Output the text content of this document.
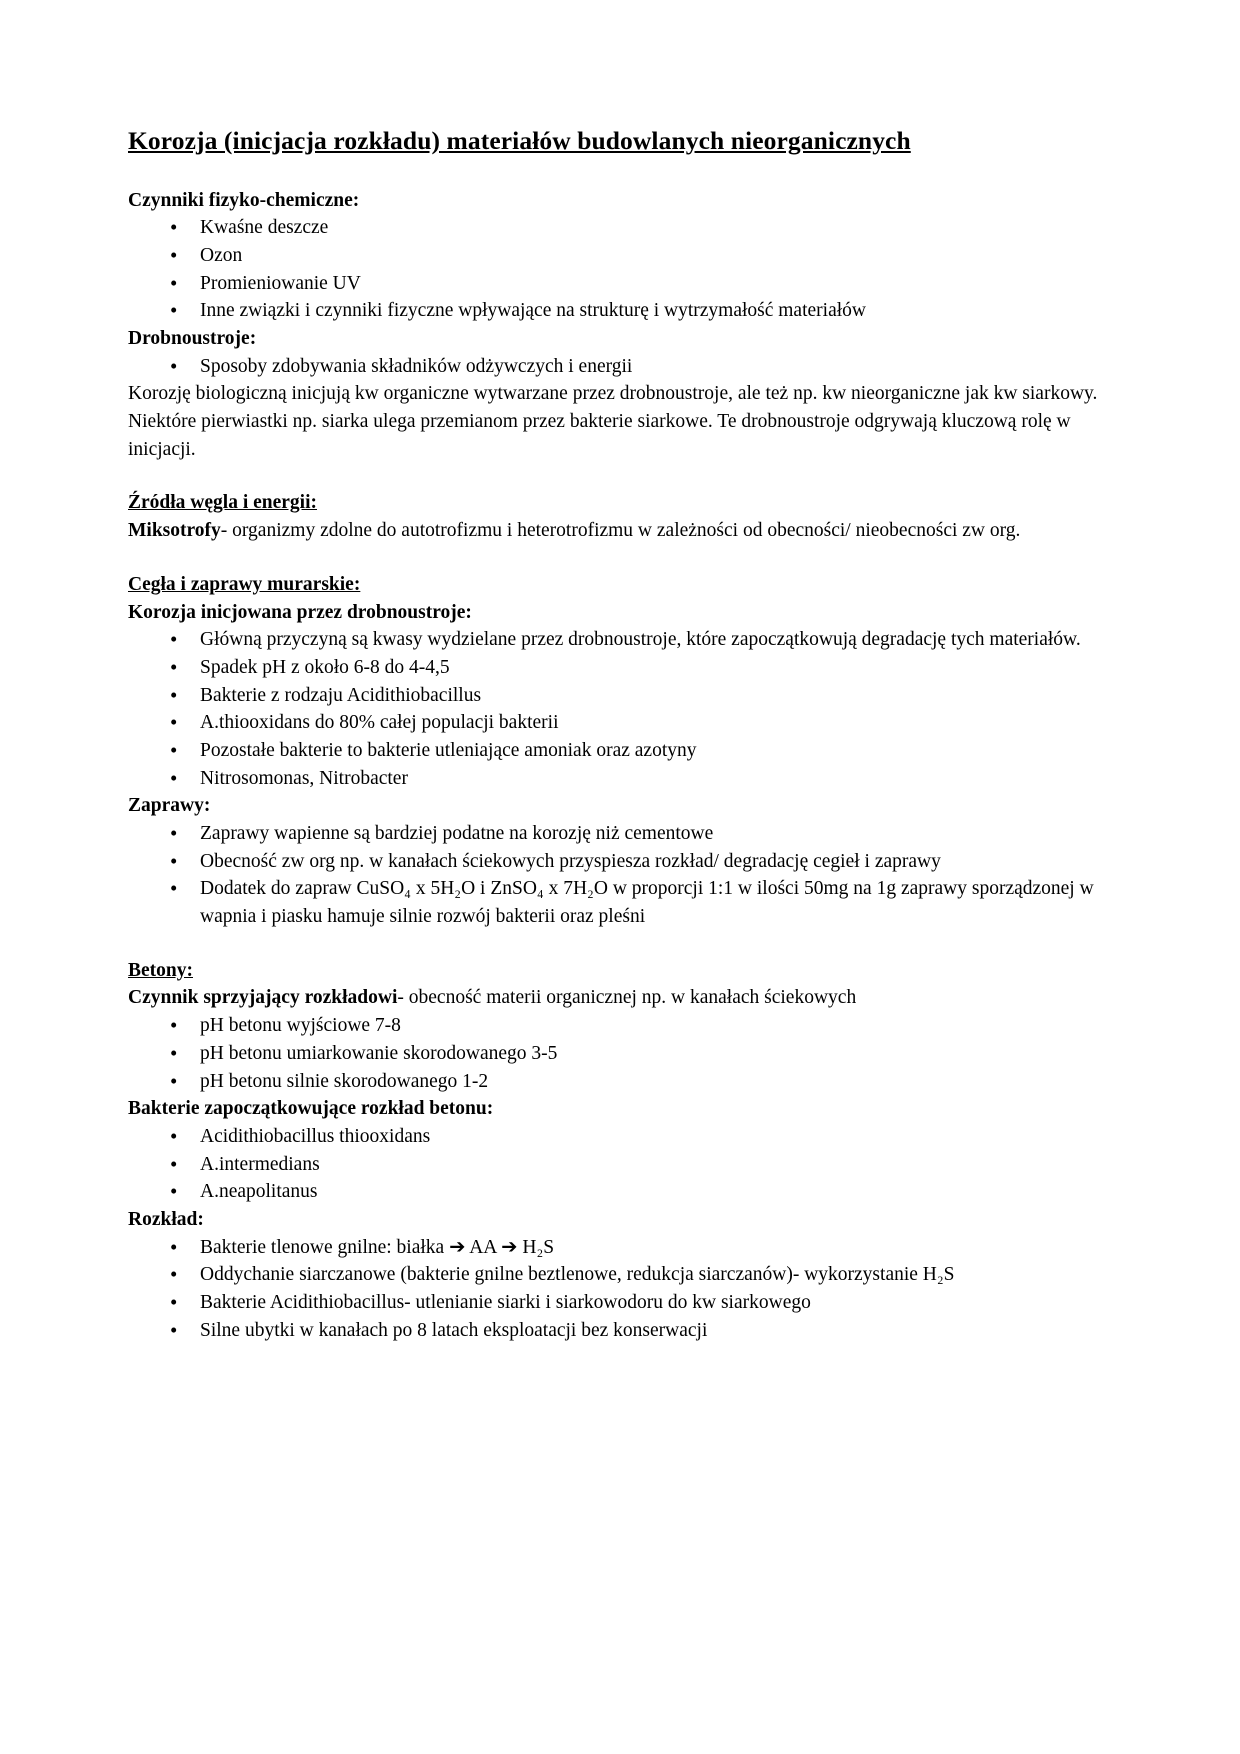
Korozja (inicjacja rozkładu) materiałów budowlanych nieorganicznych
Czynniki fizyko-chemiczne:
• Kwaśne deszcze
• Ozon
• Promieniowanie UV
• Inne związki i czynniki fizyczne wpływające na strukturę i wytrzymałość materiałów
Drobnoustroje:
• Sposoby zdobywania składników odżywczych i energii
Korozję biologiczną inicjują kw organiczne wytwarzane przez drobnoustroje, ale też np. kw nieorganiczne jak kw siarkowy.
Niektóre pierwiastki np. siarka ulega przemianom przez bakterie siarkowe. Te drobnoustroje odgrywają kluczową rolę w inicjacji.
Źródła węgla i energii:
Miksotrofy- organizmy zdolne do autotrofizmu i heterotrofizmu w zależności od obecności/ nieobecności zw org.
Cegła i zaprawy murarskie:
Korozja inicjowana przez drobnoustroje:
• Główną przyczyną są kwasy wydzielane przez drobnoustroje, które zapoczątkowują degradację tych materiałów.
• Spadek pH z około 6-8 do 4-4,5
• Bakterie z rodzaju Acidithiobacillus
• A.thiooxidans do 80% całej populacji bakterii
• Pozostałe bakterie to bakterie utleniające amoniak oraz azotyny
• Nitrosomonas, Nitrobacter
Zaprawy:
• Zaprawy wapienne są bardziej podatne na korozję niż cementowe
• Obecność zw org np. w kanałach ściekowych przyspiesza rozkład/ degradację cegieł i zaprawy
• Dodatek do zapraw CuSO₄ x 5H₂O i ZnSO₄ x 7H₂O w proporcji 1:1 w ilości 50mg na 1g zaprawy sporządzonej w wapnia i piasku hamuje silnie rozwój bakterii oraz pleśni
Betony:
Czynnik sprzyjający rozkładowi- obecność materii organicznej np. w kanałach ściekowych
• pH betonu wyjściowe 7-8
• pH betonu umiarkowanie skorodowanego 3-5
• pH betonu silnie skorodowanego 1-2
Bakterie zapoczątkowujące rozkład betonu:
• Acidithiobacillus thiooxidans
• A.intermedians
• A.neapolitanus
Rozkład:
• Bakterie tlenowe gnilne: białka ➔ AA ➔ H₂S
• Oddychanie siarczanowe (bakterie gnilne beztlenowe, redukcja siarczanów)- wykorzystanie H₂S
• Bakterie Acidithiobacillus- utlenianie siarki i siarkowodoru do kw siarkowego
• Silne ubytki w kanałach po 8 latach eksploatacji bez konserwacji
